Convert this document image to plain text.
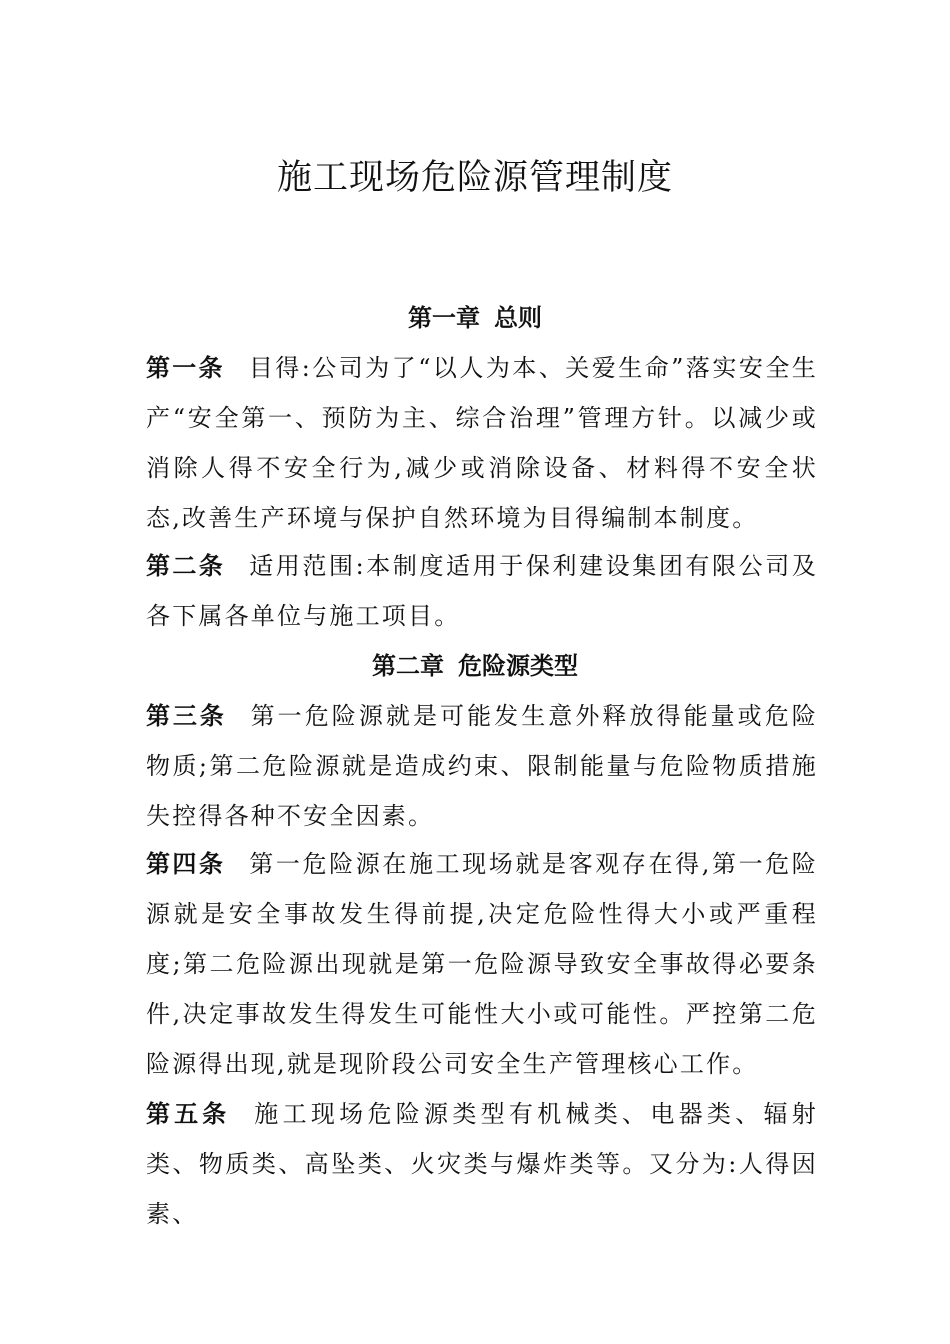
施工现场危险源管理制度
第一章 总则

第一条 目得:公司为了“以人为本、关爱生命”落实安全生产“安全第一、预防为主、综合治理”管理方针。以减少或消除人得不安全行为,减少或消除设备、材料得不安全状态,改善生产环境与保护自然环境为目得编制本制度。

第二条 适用范围:本制度适用于保利建设集团有限公司及各下属各单位与施工项目。

第二章 危险源类型

第三条 第一危险源就是可能发生意外释放得能量或危险物质;第二危险源就是造成约束、限制能量与危险物质措施失控得各种不安全因素。

第四条 第一危险源在施工现场就是客观存在得,第一危险源就是安全事故发生得前提,决定危险性得大小或严重程度;第二危险源出现就是第一危险源导致安全事故得必要条件,决定事故发生得发生可能性大小或可能性。严控第二危险源得出现,就是现阶段公司安全生产管理核心工作。

第五条 施工现场危险源类型有机械类、电器类、辐射类、物质类、高坠类、火灾类与爆炸类等。又分为:人得因素、
